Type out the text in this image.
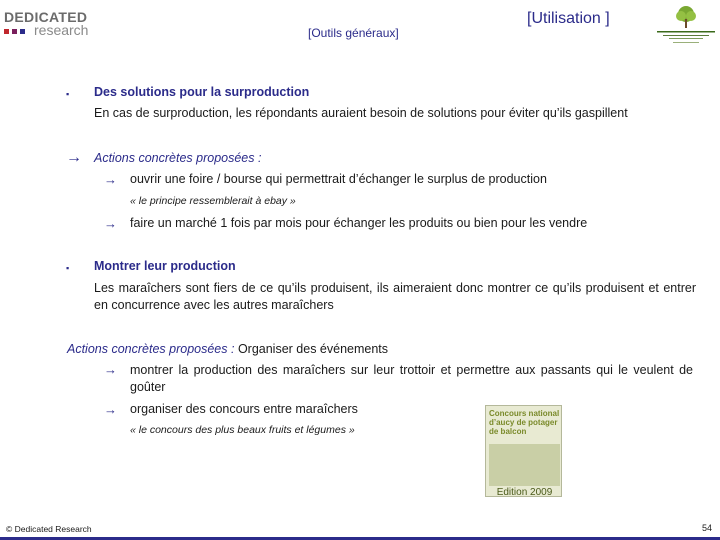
DEDICATED
research	[Outils généraux]
[Utilisation ]
▪ Des solutions pour la surproduction
En cas de surproduction, les répondants auraient besoin de solutions pour éviter qu’ils gaspillent
→ Actions concrètes proposées :
→ ouvrir une foire / bourse qui permettrait d’échanger le surplus de production
« le principe ressemblerait à ebay »
→ faire un marché 1 fois par mois pour échanger les produits ou bien pour les vendre
▪ Montrer leur production
Les maraîchers sont fiers de ce qu’ils produisent, ils aimeraient donc montrer ce qu’ils produisent et entrer en concurrence avec les autres maraîchers
Actions concrètes proposées : Organiser des événements
→ montrer la production des maraîchers sur leur trottoir et permettre aux passants qui le veulent de goûter
→ organiser des concours entre maraîchers
« le concours des plus beaux fruits et légumes »
Concours national d’aucy de potager de balcon
Edition 2009
© Dedicated Research	54
